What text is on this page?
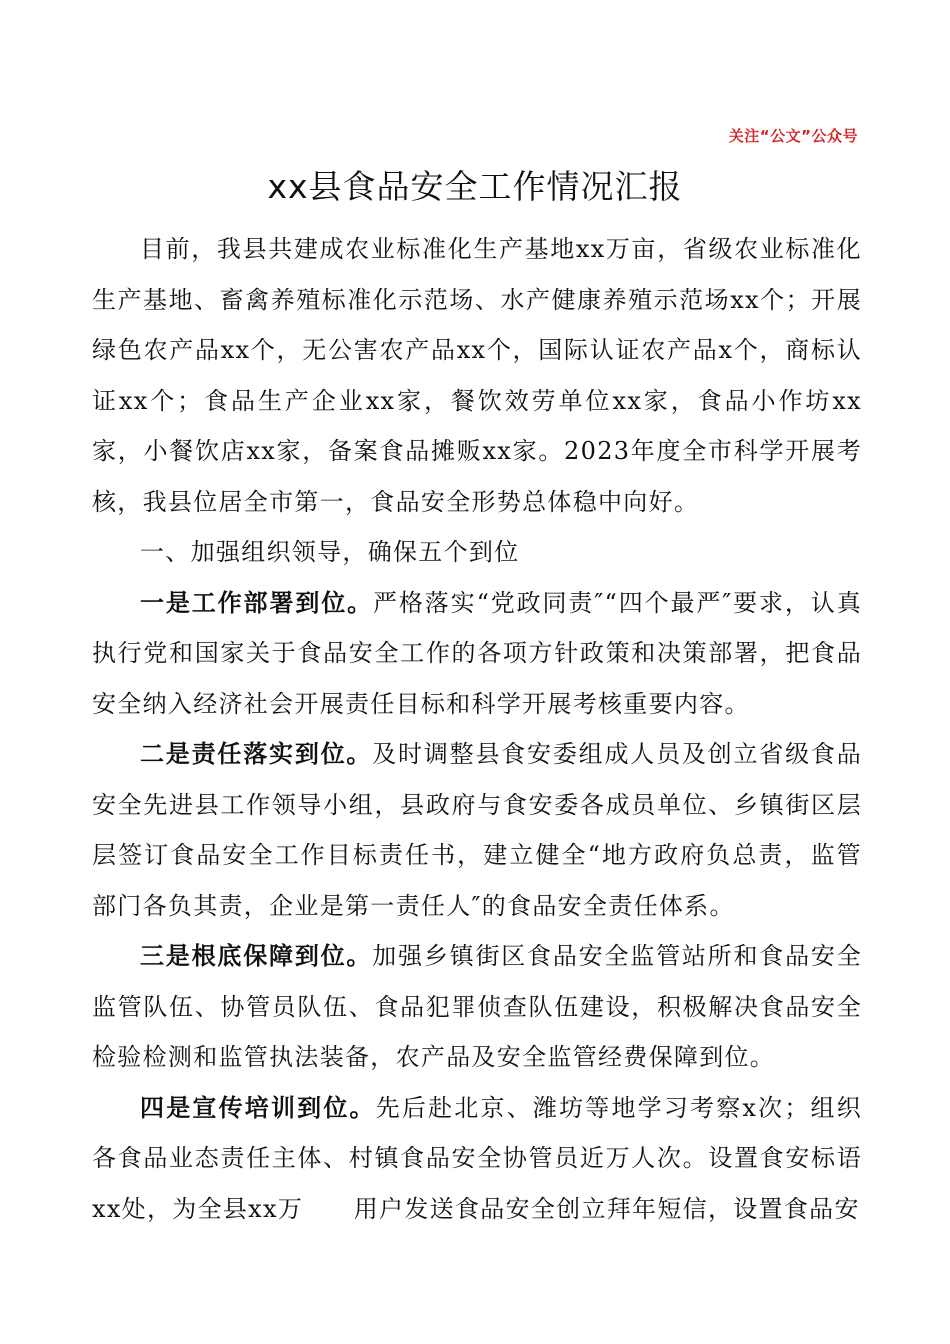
关注“公文”公众号
xx县食品安全工作情况汇报

目前，我县共建成农业标准化生产基地xx万亩，省级农业标准化生产基地、畜禽养殖标准化示范场、水产健康养殖示范场xx个；开展绿色农产品xx个，无公害农产品xx个，国际认证农产品x个，商标认证xx个；食品生产企业xx家，餐饮效劳单位xx家，食品小作坊xx家，小餐饮店xx家，备案食品摊贩xx家。2023年度全市科学开展考核，我县位居全市第一，食品安全形势总体稳中向好。

一、加强组织领导，确保五个到位

一是工作部署到位。严格落实“党政同责″“四个最严″要求，认真执行党和国家关于食品安全工作的各项方针政策和决策部署，把食品安全纳入经济社会开展责任目标和科学开展考核重要内容。

二是责任落实到位。及时调整县食安委组成人员及创立省级食品安全先进县工作领导小组，县政府与食安委各成员单位、乡镇街区层层签订食品安全工作目标责任书，建立健全“地方政府负总责，监管部门各负其责，企业是第一责任人″的食品安全责任体系。

三是根底保障到位。加强乡镇街区食品安全监管站所和食品安全监管队伍、协管员队伍、食品犯罪侦查队伍建设，积极解决食品安全检验检测和监管执法装备，农产品及安全监管经费保障到位。

四是宣传培训到位。先后赴北京、潍坊等地学习考察x次；组织各食品业态责任主体、村镇食品安全协管员近万人次。设置食安标语xx处，为全县xx万　　用户发送食品安全创立拜年短信，设置食品安
